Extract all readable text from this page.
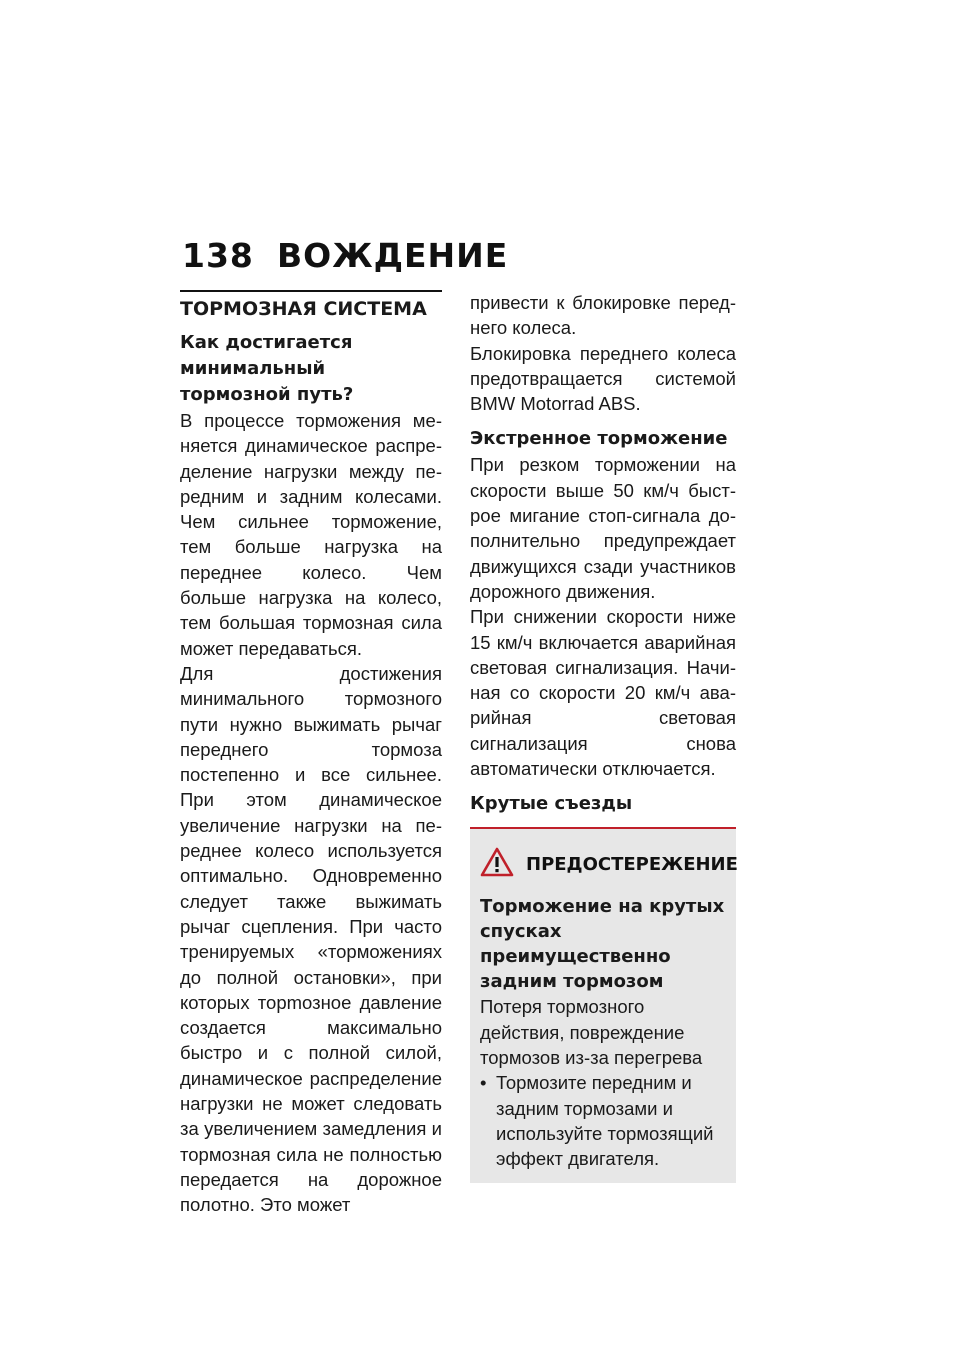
138 ВОЖДЕНИЕ
ТОРМОЗНАЯ СИСТЕМА
Как достигается минимальный тормозной путь?

В процессе торможения меняется динамическое распределение нагрузки между передним и задним колесами. Чем сильнее торможение, тем больше нагрузка на переднее колесо. Чем больше нагрузка на колесо, тем большая тормозная сила может передаваться.

Для достижения минимального тормозного пути нужно выжимать рычаг переднего тормоза постепенно и все сильнее. При этом динамическое увеличение нагрузки на переднее колесо используется оптимально. Одновременно следует также выжимать рычаг сцепления. При часто тренируемых «торможениях до полной остановки», при которых торmозное давление создается максимально быстро и с полной силой, динамическое распределение нагрузки не может следовать за увеличением замедления и тормозная сила не полностью передается на дорожное полотно. Это может

привести к блокировке переднего колеса.

Блокировка переднего колеса предотвращается системой BMW Motorrad ABS.

Экстренное торможение

При резком торможении на скорости выше 50 км/ч быстрое мигание стоп-сигнала дополнительно предупреждает движущихся сзади участников дорожного движения.

При снижении скорости ниже 15 км/ч включается аварийная световая сигнализация. Начиная со скорости 20 км/ч аварийная световая сигнализация снова автоматически отключается.

Крутые съезды
ПРЕДОСТЕРЕЖЕНИЕ

Торможение на крутых спусках преимущественно задним тормозом

Потеря тормозного действия, повреждение тормозов из-за перегрева

• Тормозите передним и задним тормозами и используйте тормозящий эффект двигателя.
